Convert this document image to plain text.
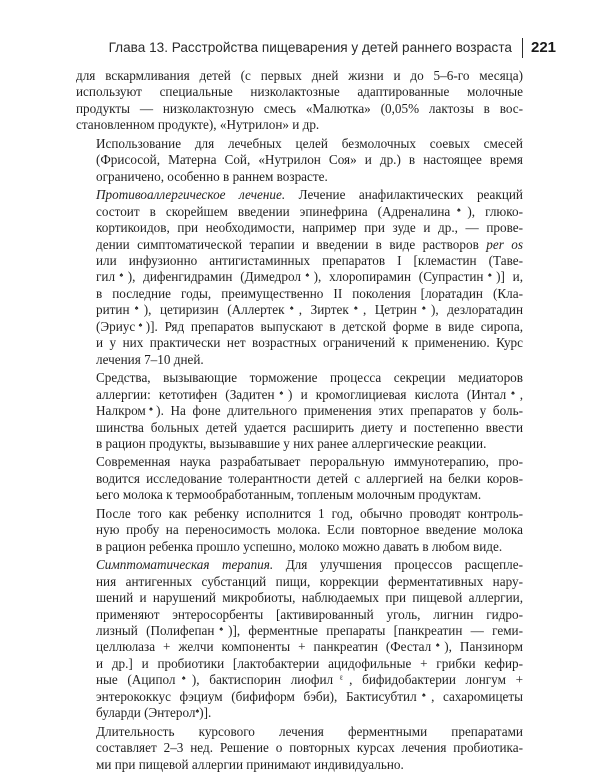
Глава 13. Расстройства пищеварения у детей раннего возраста 221
для вскармливания детей (с первых дней жизни и до 5–6-го месяца)
используют специальные низколактозные адаптированные молочные
продукты — низколактозную смесь «Малютка» (0,05% лактозы в вос-
становленном продукте), «Нутрилон» и др.
Использование для лечебных целей безмолочных соевых смесей
(Фрисосой, Матерна Сой, «Нутрилон Соя» и др.) в настоящее время
ограничено, особенно в раннем возрасте.
Противоаллергическое лечение. Лечение анафилактических реакций
состоит в скорейшем введении эпинефрина (Адреналина♠), глюко-
кортикоидов, при необходимости, например при зуде и др., — прове-
дении симптоматической терапии и введении в виде растворов per os
или инфузионно антигистаминных препаратов I [клемастин (Таве-
гил♠), дифенгидрамин (Димедрол♠), хлоропирамин (Супрастин♠)] и,
в последние годы, преимущественно II поколения [лоратадин (Кла-
ритин♠), цетиризин (Аллертек♠, Зиртек♠, Цетрин♠), дезлоратадин
(Эриус♠)]. Ряд препаратов выпускают в детской форме в виде сиропа,
и у них практически нет возрастных ограничений к применению. Курс
лечения 7–10 дней.
Средства, вызывающие торможение процесса секреции медиаторов
аллергии: кетотифен (Задитен♠) и кромоглициевая кислота (Интал♠,
Налкром♠). На фоне длительного применения этих препаратов у боль-
шинства больных детей удается расширить диету и постепенно ввести
в рацион продукты, вызывавшие у них ранее аллергические реакции.
Современная наука разрабатывает пероральную иммунотерапию, про-
водится исследование толерантности детей с аллергией на белки коров-
ьего молока к термообработанным, топленым молочным продуктам.
После того как ребенку исполнится 1 год, обычно проводят контроль-
ную пробу на переносимость молока. Если повторное введение молока
в рацион ребенка прошло успешно, молоко можно давать в любом виде.
Симптоматическая терапия. Для улучшения процессов расщепле-
ния антигенных субстанций пищи, коррекции ферментативных нару-
шений и нарушений микробиоты, наблюдаемых при пищевой аллергии,
применяют энтеросорбенты [активированный уголь, лигнин гидро-
лизный (Полифепан♠)], ферментные препараты [панкреатин — геми-
целлюлаза + желчи компоненты + панкреатин (Фестал♠), Панзинорм
и др.] и пробиотики [лактобактерии ацидофильные + грибки кефир-
ные (Аципол♠), бактиспорин лиофил$^\ell$, бифидобактерии лонгум +
энтерококкус фэциум (бифиформ бэби), Бактисубтил♠, сахаромицеты
буларди (Энтерол♠)].
Длительность курсового лечения ферментными препаратами
составляет 2–3 нед. Решение о повторных курсах лечения пробиотика-
ми при пищевой аллергии принимают индивидуально.
